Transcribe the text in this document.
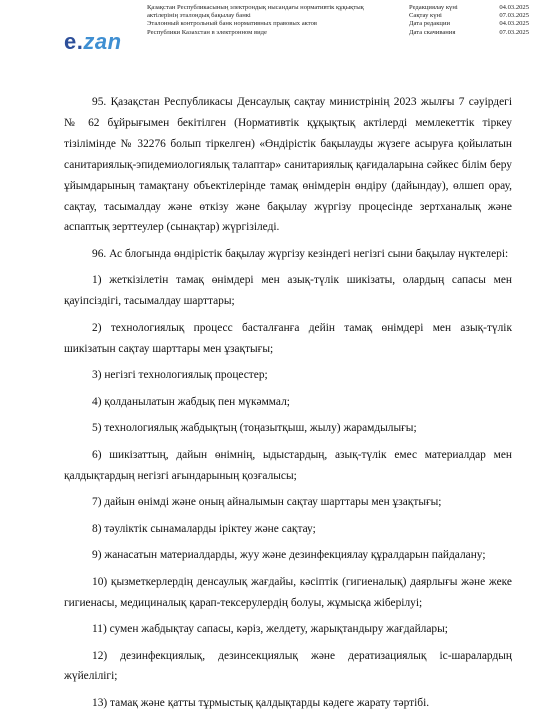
e.zan
Қазақстан Республикасының электрондық нысандағы нормативтік құқықтық
актілерінің эталондық бақылау банкі
Эталонный контрольный банк нормативных правовых актов
Республики Казахстан в электронном виде
Редакциялау күні	04.03.2025
Сақтау күні	07.03.2025
Дата редакции	04.03.2025
Дата скачивания	07.03.2025

95. Қазақстан Республикасы Денсаулық сақтау министрінің 2023 жылғы 7 сәуірдегі № 62 бұйрығымен бекітілген (Нормативтік құқықтық актілерді мемлекеттік тіркеу тізілімінде № 32276 болып тіркелген) «Өндірістік бақылауды жүзеге асыруға қойылатын санитариялық-эпидемиологиялық талаптар» санитариялық қағидаларына сәйкес білім беру ұйымдарының тамақтану объектілерінде тамақ өнімдерін өндіру (дайындау), өлшеп орау, сақтау, тасымалдау және өткізу және бақылау жүргізу процесінде зертханалық және аспаптық зерттеулер (сынақтар) жүргізіледі.

96. Ас блогында өндірістік бақылау жүргізу кезіндегі негізгі сыни бақылау нүктелері:

1) жеткізілетін тамақ өнімдері мен азық-түлік шикізаты, олардың сапасы мен қауіпсіздігі, тасымалдау шарттары;

2) технологиялық процесс басталғанға дейін тамақ өнімдері мен азық-түлік шикізатын сақтау шарттары мен ұзақтығы;

3) негізгі технологиялық процестер;

4) қолданылатын жабдық пен мүкәммал;

5) технологиялық жабдықтың (тоңазытқыш, жылу) жарамдылығы;

6) шикізаттың, дайын өнімнің, ыдыстардың, азық-түлік емес материалдар мен қалдықтардың негізгі ағындарының қозғалысы;

7) дайын өнімді және оның айналымын сақтау шарттары мен ұзақтығы;

8) тәуліктік сынамаларды іріктеу және сақтау;

9) жанасатын материалдарды, жуу және дезинфекциялау құралдарын пайдалану;

10) қызметкерлердің денсаулық жағдайы, кәсіптік (гигиеналық) даярлығы және жеке гигиенасы, медициналық қарап-тексерулердің болуы, жұмысқа жіберілуі;

11) сумен жабдықтау сапасы, кәріз, желдету, жарықтандыру жағдайлары;

12) дезинфекциялық, дезинсекциялық және дератизациялық іс-шаралардың жүйелілігі;

13) тамақ және қатты тұрмыстық қалдықтарды кәдеге жарату тәртібі.
